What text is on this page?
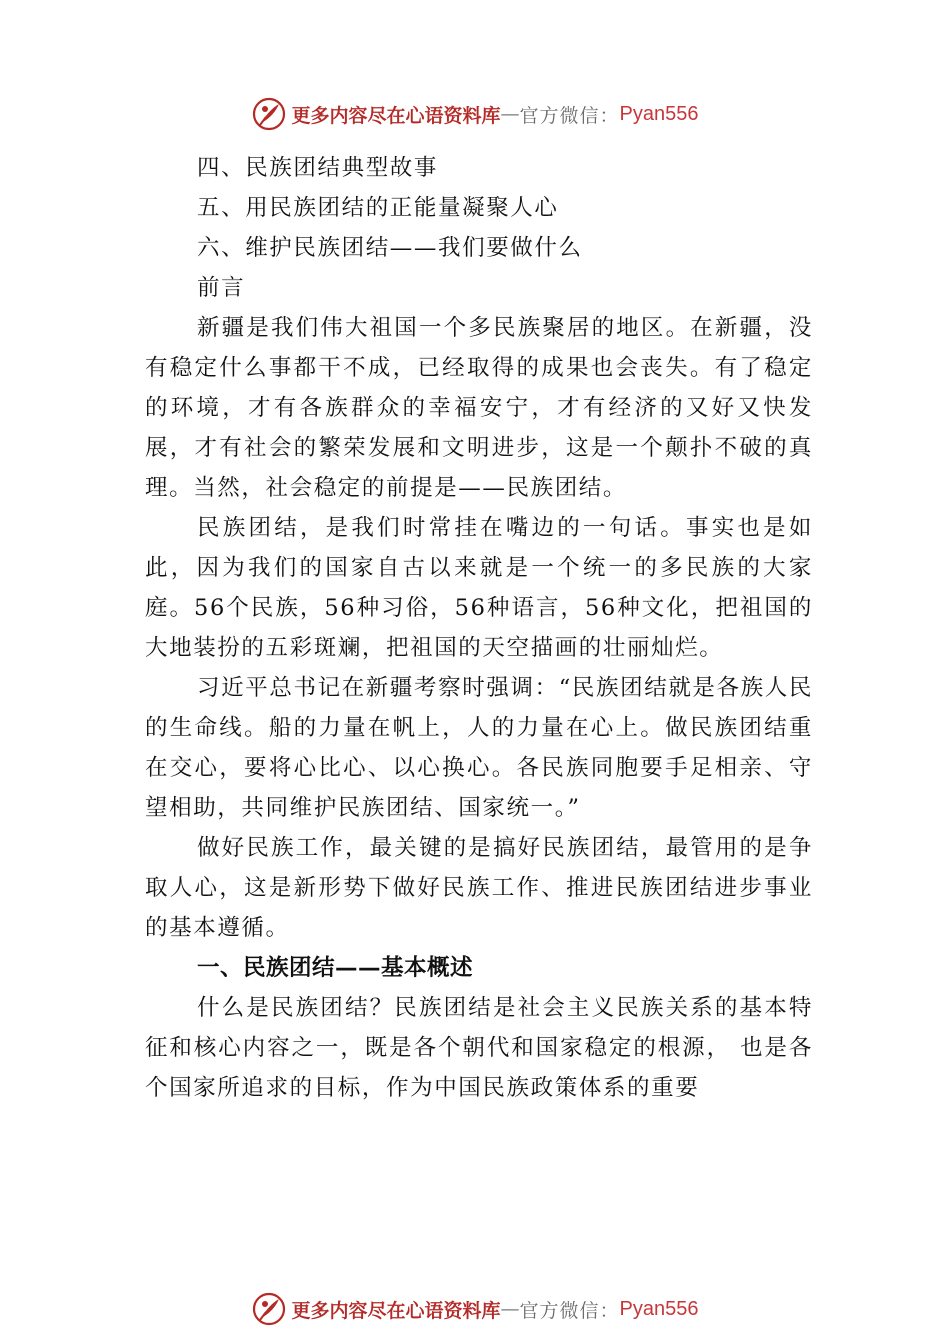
更多内容尽在心语资料库 — 官方微信： Pyan556

四、民族团结典型故事

五、用民族团结的正能量凝聚人心

六、维护民族团结——我们要做什么

前言

新疆是我们伟大祖国一个多民族聚居的地区。在新疆，没有稳定什么事都干不成，已经取得的成果也会丧失。有了稳定的环境，才有各族群众的幸福安宁，才有经济的又好又快发展，才有社会的繁荣发展和文明进步，这是一个颠扑不破的真理。当然，社会稳定的前提是——民族团结。

民族团结，是我们时常挂在嘴边的一句话。事实也是如此，因为我们的国家自古以来就是一个统一的多民族的大家庭。56个民族，56种习俗，56种语言，56种文化，把祖国的大地装扮的五彩斑斓，把祖国的天空描画的壮丽灿烂。

习近平总书记在新疆考察时强调：“民族团结就是各族人民的生命线。船的力量在帆上，人的力量在心上。做民族团结重在交心，要将心比心、以心换心。各民族同胞要手足相亲、守望相助，共同维护民族团结、国家统一。”

做好民族工作，最关键的是搞好民族团结，最管用的是争取人心，这是新形势下做好民族工作、推进民族团结进步事业的基本遵循。

一、民族团结——基本概述

什么是民族团结？民族团结是社会主义民族关系的基本特征和核心内容之一，既是各个朝代和国家稳定的根源， 也是各个国家所追求的目标，作为中国民族政策体系的重要

更多内容尽在心语资料库 — 官方微信： Pyan556
